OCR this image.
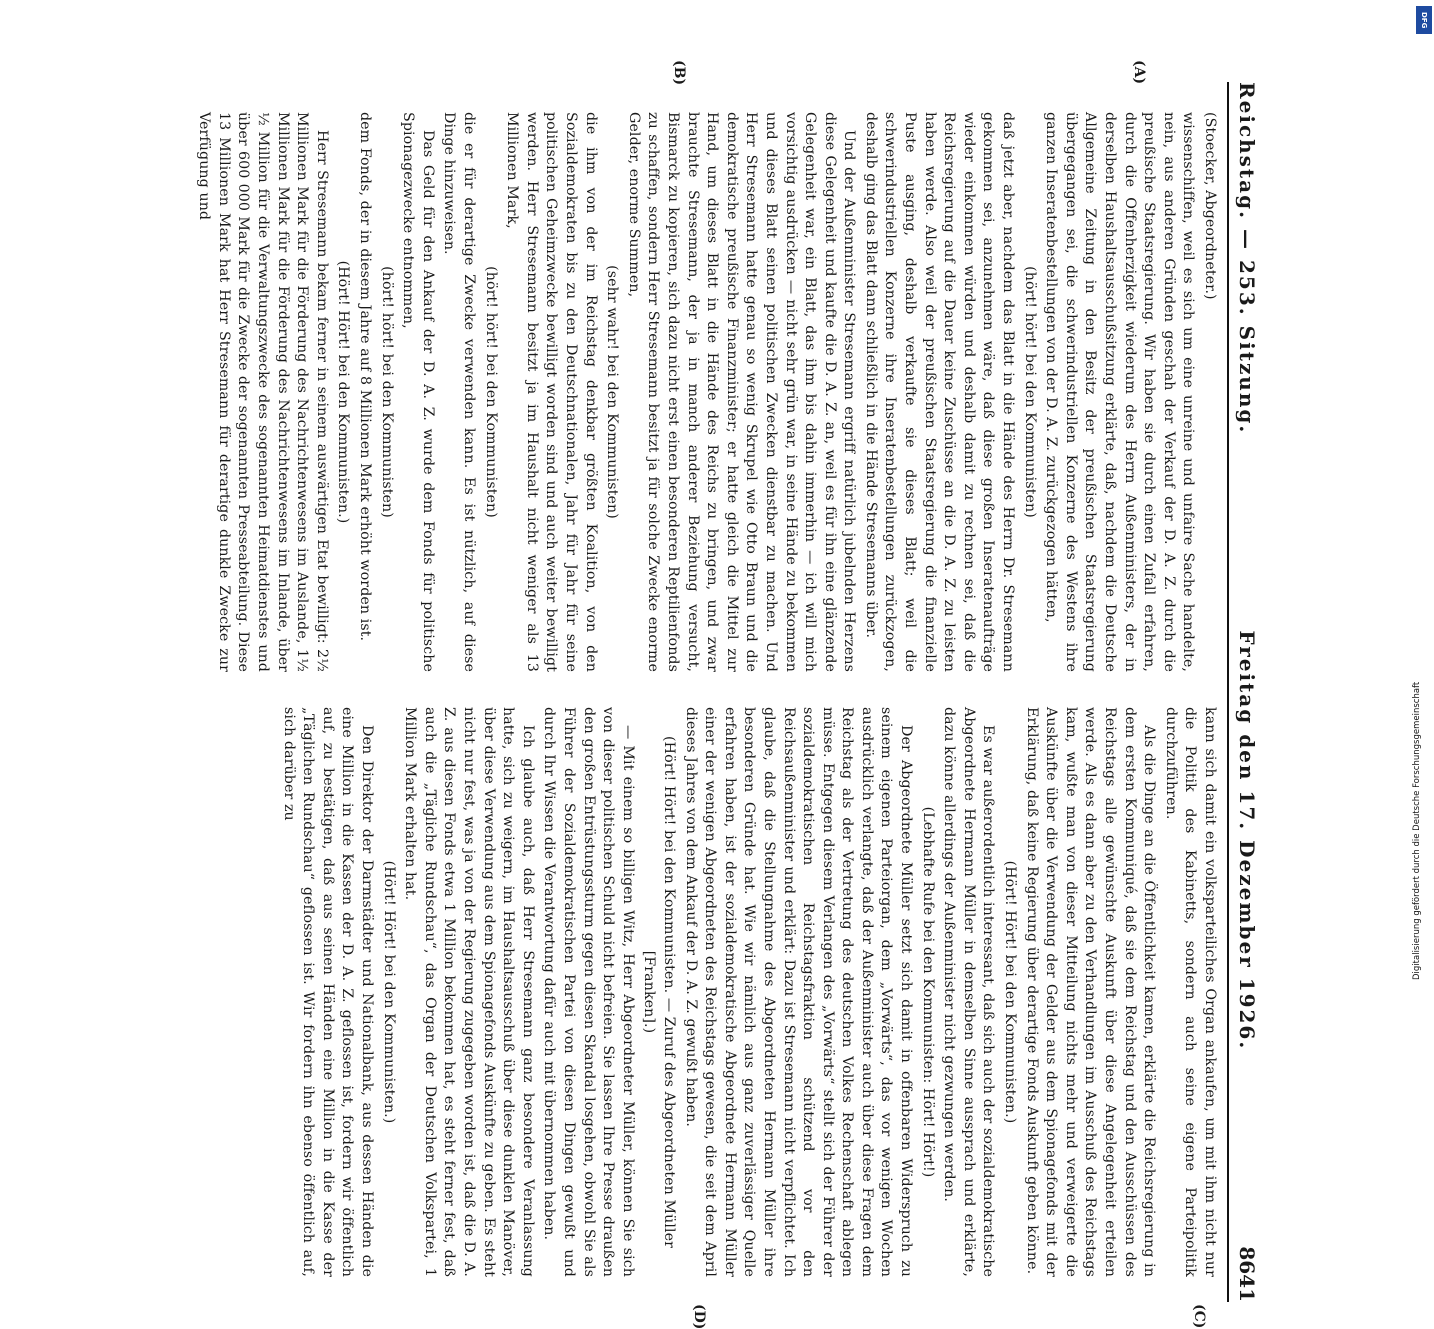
Reichstag. — 253. Sitzung.
Freitag den 17. Dezember 1926.
8641
(A)
(B)
(C)
(D)

(Stoecker, Abgeordneter.)

wissenschiffen, weil es sich um eine unreine und unfaire Sache handelte, nein, aus anderen Gründen geschah der Verkauf der D. A. Z. durch die preußische Staatsregierung. Wir haben sie durch einen Zufall erfahren, durch die Offenherzigkeit wiederum des Herrn Außenministers, der in derselben Haushaltsausschußsitzung erklärte, daß, nachdem die Deutsche Allgemeine Zeitung in den Besitz der preußischen Staatsregierung übergegangen sei, die schwerindustriellen Konzerne des Westens ihre ganzen Inseratenbestellungen von der D. A. Z. zurückgezogen hätten,

(hört! hört! bei den Kommunisten)

daß jetzt aber, nachdem das Blatt in die Hände des Herrn Dr. Stresemann gekommen sei, anzunehmen wäre, daß diese großen Inseratenaufträge wieder einkommen würden und deshalb damit zu rechnen sei, daß die Reichsregierung auf die Dauer keine Zuschüsse an die D. A. Z. zu leisten haben werde. Also weil der preußischen Staatsregierung die finanzielle Puste ausging, deshalb verkaufte sie dieses Blatt; weil die schwerindustriellen Konzerne ihre Inseratenbestellungen zurückzogen, deshalb ging das Blatt dann schließlich in die Hände Stresemanns über.

Und der Außenminister Stresemann ergriff natürlich jubelnden Herzens diese Gelegenheit und kaufte die D. A. Z. an, weil es für ihn eine glänzende Gelegenheit war, ein Blatt, das ihm bis dahin immerhin — ich will mich vorsichtig ausdrücken — nicht sehr grün war, in seine Hände zu bekommen und dieses Blatt seinen politischen Zwecken dienstbar zu machen. Und Herr Stresemann hatte genau so wenig Skrupel wie Otto Braun und die demokratische preußische Finanzminister; er hatte gleich die Mittel zur Hand, um dieses Blatt in die Hände des Reichs zu bringen, und zwar brauchte Stresemann, der ja in manch anderer Beziehung versucht, Bismarck zu kopieren, sich dazu nicht erst einen besonderen Reptilienfonds zu schaffen, sondern Herr Stresemann besitzt ja für solche Zwecke enorme Gelder, enorme Summen,

(sehr wahr! bei den Kommunisten)

die ihm von der im Reichstag denkbar größten Koalition, von den Sozialdemokraten bis zu den Deutschnationalen, Jahr für Jahr für seine politischen Geheimzwecke bewilligt worden sind und auch weiter bewilligt werden. Herr Stresemann besitzt ja im Haushalt nicht weniger als 13 Millionen Mark,

(hört! hört! bei den Kommunisten)

die er für derartige Zwecke verwenden kann. Es ist nützlich, auf diese Dinge hinzuweisen.

Das Geld für den Ankauf der D. A. Z. wurde dem Fonds für politische Spionagezwecke entnommen,

(hört! hört! bei den Kommunisten)

dem Fonds, der in diesem Jahre auf 8 Millionen Mark erhöht worden ist.

(Hört! Hört! bei den Kommunisten.)

Herr Stresemann bekam ferner in seinem auswärtigen Etat bewilligt: 2½ Millionen Mark für die Förderung des Nachrichtenwesens im Auslande, 1½ Millionen Mark für die Förderung des Nachrichtenwesens im Inlande, über ½ Million für die Verwaltungszwecke des sogenannten Heimatdienstes und über 600 000 Mark für die Zwecke der sogenannten Presseabteilung. Diese 13 Millionen Mark hat Herr Stresemann für derartige dunkle Zwecke zur Verfügung und

kann sich damit ein volksparteiliches Organ ankaufen, um mit ihm nicht nur die Politik des Kabinetts, sondern auch seine eigene Parteipolitik durchzuführen.

Als die Dinge an die Öffentlichkeit kamen, erklärte die Reichsregierung in dem ersten Kommuniqué, daß sie dem Reichstag und den Ausschüssen des Reichstags alle gewünschte Auskunft über diese Angelegenheit erteilen werde. Als es dann aber zu den Verhandlungen im Ausschuß des Reichstags kam, wußte man von dieser Mitteilung nichts mehr und verweigerte die Auskünfte über die Verwendung der Gelder aus dem Spionagefonds mit der Erklärung, daß keine Regierung über derartige Fonds Auskunft geben könne.

(Hört! Hört! bei den Kommunisten.)

Es war außerordentlich interessant, daß sich auch der sozialdemokratische Abgeordnete Hermann Müller in demselben Sinne aussprach und erklärte, dazu könne allerdings der Außenminister nicht gezwungen werden.

(Lebhafte Rufe bei den Kommunisten: Hört! Hört!)

Der Abgeordnete Müller setzt sich damit in offenbaren Widerspruch zu seinem eigenen Parteiorgan, dem „Vorwärts“, das vor wenigen Wochen ausdrücklich verlangte, daß der Außenminister auch über diese Fragen dem Reichstag als der Vertretung des deutschen Volkes Rechenschaft ablegen müsse. Entgegen diesem Verlangen des „Vorwärts“ stellt sich der Führer der sozialdemokratischen Reichstagsfraktion schützend vor den Reichsaußenminister und erklärt: Dazu ist Stresemann nicht verpflichtet. Ich glaube, daß die Stellungnahme des Abgeordneten Hermann Müller ihre besonderen Gründe hat. Wie wir nämlich aus ganz zuverlässiger Quelle erfahren haben, ist der sozialdemokratische Abgeordnete Hermann Müller einer der wenigen Abgeordneten des Reichstags gewesen, die seit dem April dieses Jahres von dem Ankauf der D. A. Z. gewußt haben.

(Hört! Hört! bei den Kommunisten. — Zuruf des Abgeordneten Müller [Franken].)

— Mit einem so billigen Witz, Herr Abgeordneter Müller, können Sie sich von dieser politischen Schuld nicht befreien. Sie lassen Ihre Presse draußen den großen Entrüstungssturm gegen diesen Skandal losgehen, obwohl Sie als Führer der Sozialdemokratischen Partei von diesen Dingen gewußt und durch Ihr Wissen die Verantwortung dafür auch mit übernommen haben.

Ich glaube auch, daß Herr Stresemann ganz besondere Veranlassung hatte, sich zu weigern, im Haushaltsausschuß über diese dunklen Manöver, über diese Verwendung aus dem Spionagefonds Auskünfte zu geben. Es steht nicht nur fest, was ja von der Regierung zugegeben worden ist, daß die D. A. Z. aus diesen Fonds etwa 1 Million bekommen hat, es steht ferner fest, daß auch die „Tägliche Rundschau“, das Organ der Deutschen Volkspartei, 1 Million Mark erhalten hat.

(Hört! Hört! bei den Kommunisten.)

Den Direktor der Darmstädter und Nationalbank, aus dessen Händen die eine Million in die Kassen der D. A. Z. geflossen ist, fordern wir öffentlich auf, zu bestätigen, daß aus seinen Händen eine Million in die Kasse der „Täglichen Rundschau“ geflossen ist. Wir fordern ihn ebenso öffentlich auf, sich darüber zu

DFG
Digitalisierung gefördert durch die Deutsche Forschungsgemeinschaft
